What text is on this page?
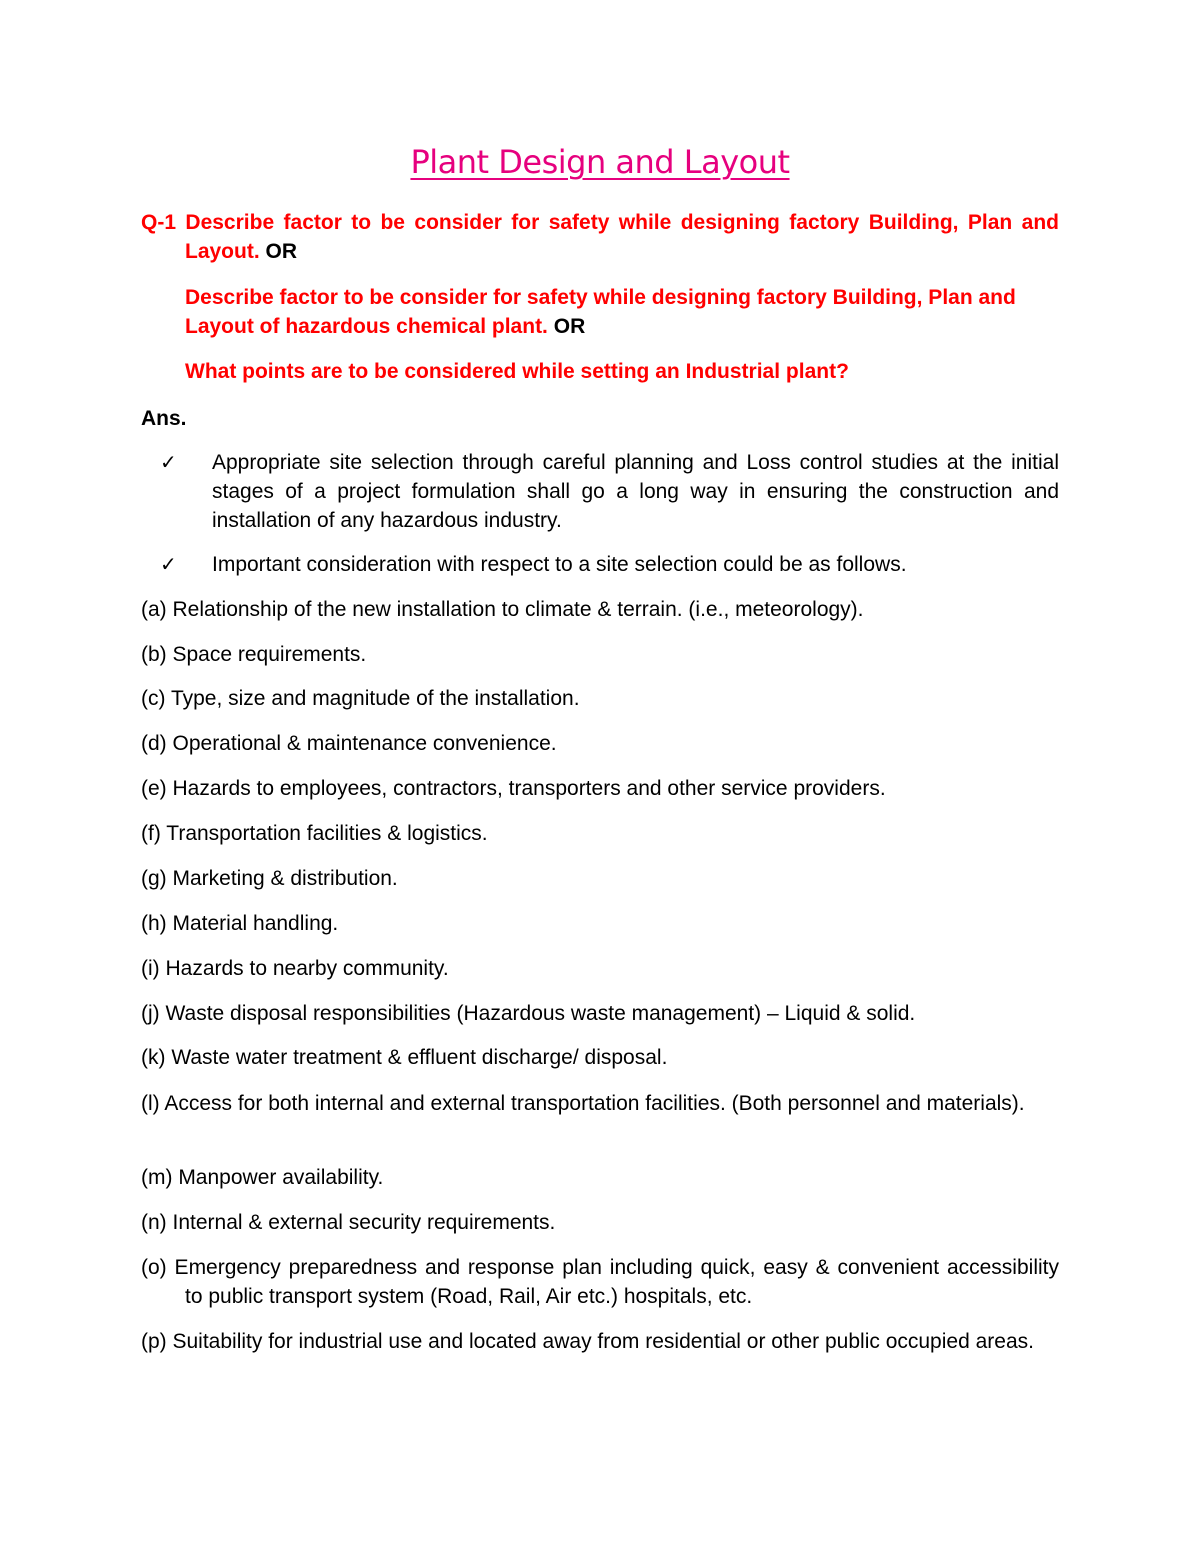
Plant Design and Layout
Q-1 Describe factor to be consider for safety while designing factory Building, Plan and Layout. OR
Describe factor to be consider for safety while designing factory Building, Plan and Layout of hazardous chemical plant. OR
What points are to be considered while setting an Industrial plant?
Ans.
✓	Appropriate site selection through careful planning and Loss control studies at the initial stages of a project formulation shall go a long way in ensuring the construction and installation of any hazardous industry.
✓	Important consideration with respect to a site selection could be as follows.
(a) Relationship of the new installation to climate & terrain. (i.e., meteorology).
(b) Space requirements.
(c) Type, size and magnitude of the installation.
(d) Operational & maintenance convenience.
(e) Hazards to employees, contractors, transporters and other service providers.
(f) Transportation facilities & logistics.
(g) Marketing & distribution.
(h) Material handling.
(i) Hazards to nearby community.
(j) Waste disposal responsibilities (Hazardous waste management) – Liquid & solid.
(k) Waste water treatment & effluent discharge/ disposal.
(l) Access for both internal and external transportation facilities. (Both personnel and materials).
(m) Manpower availability.
(n) Internal & external security requirements.
(o) Emergency preparedness and response plan including quick, easy & convenient accessibility to public transport system (Road, Rail, Air etc.) hospitals, etc.
(p) Suitability for industrial use and located away from residential or other public occupied areas.
